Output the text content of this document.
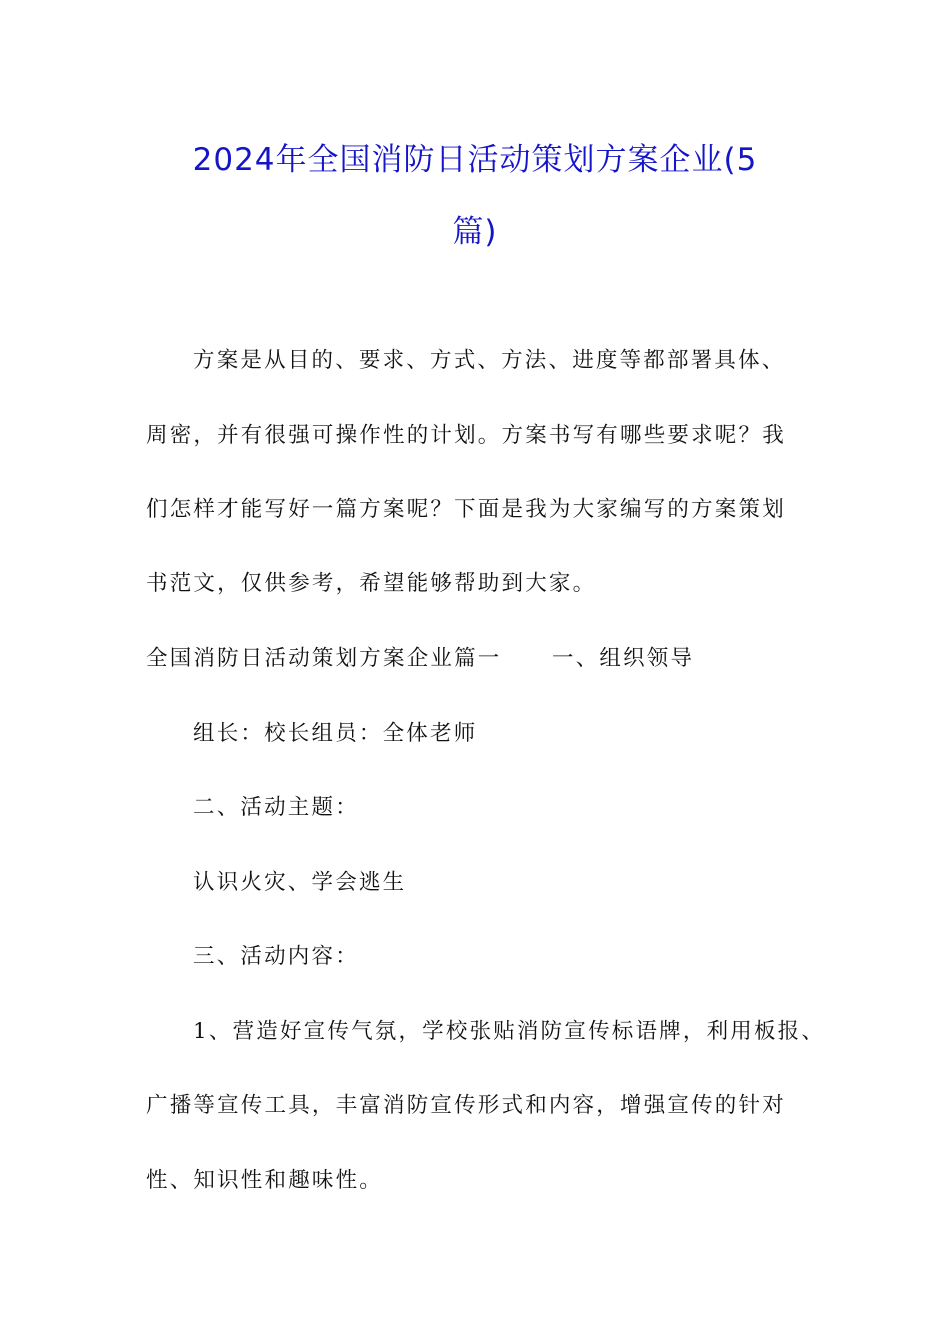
2024年全国消防日活动策划方案企业(5
篇)
方案是从目的、要求、方式、方法、进度等都部署具体、
周密，并有很强可操作性的计划。方案书写有哪些要求呢？我
们怎样才能写好一篇方案呢？下面是我为大家编写的方案策划
书范文，仅供参考，希望能够帮助到大家。
全国消防日活动策划方案企业篇一	一、组织领导
组长：校长组员：全体老师
二、活动主题：
认识火灾、学会逃生
三、活动内容：
1、营造好宣传气氛，学校张贴消防宣传标语牌，利用板报、
广播等宣传工具，丰富消防宣传形式和内容，增强宣传的针对
性、知识性和趣味性。
